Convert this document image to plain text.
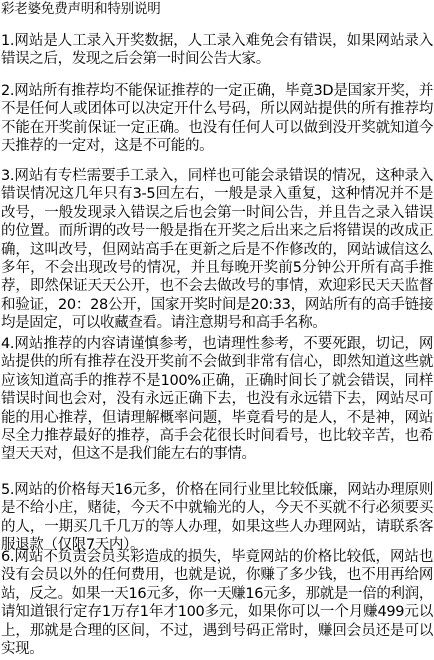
彩老婆免费声明和特别说明

1.网站是人工录入开奖数据，人工录入难免会有错误，如果网站录入错误之后，发现之后会第一时间公告大家。

2.网站所有推荐均不能保证推荐的一定正确，毕竟3D是国家开奖，并不是任何人或团体可以决定开什么号码，所以网站提供的所有推荐均不能在开奖前保证一定正确。也没有任何人可以做到没开奖就知道今天推荐的一定对，这是不可能的。

3.网站有专栏需要手工录入，同样也可能会录错误的情况，这种录入错误情况这几年只有3-5回左右，一般是录入重复，这种情况并不是改号，一般发现录入错误之后也会第一时间公告，并且告之录入错误的位置。而所谓的改号一般是指在开奖之后出来之后将错误的改成正确，这叫改号，但网站高手在更新之后是不作修改的，网站诚信这么多年，不会出现改号的情况，并且每晚开奖前5分钟公开所有高手推荐，即然保证天天公开，也不会去做改号的事情，欢迎彩民天天监督和验证，20：28公开，国家开奖时间是20:33，网站所有的高手链接均是固定，可以收藏查看。请注意期号和高手名称。

4.网站推荐的内容请谨慎参考，也请理性参考，不要死跟，切记，网站提供的所有推荐在没开奖前不会做到非常有信心，即然知道这些就应该知道高手的推荐不是100%正确，正确时间长了就会错误，同样错误时间也会对，没有永远正确下去，也没有永远错下去，网站尽可能的用心推荐，但请理解概率问题，毕竟看号的是人，不是神，网站尽全力推荐最好的推荐，高手会花很长时间看号，也比较辛苦，也希望天天对，但这不是我们能左右的事情。

5.网站的价格每天16元多，价格在同行业里比较低廉，网站办理原则是不给小庄，赌徒，今天不中就输光的人，今天不买就不行必须要买的人，一期买几千几万的等人办理，如果这些人办理网站，请联系客服退款（仅限7天内）。

6.网站不负责会员买彩造成的损失，毕竟网站的价格比较低，网站也没有会员以外的任何费用，也就是说，你赚了多少钱，也不用再给网站，反之。如果一天16元多，你一天赚16元多，那就是一倍的利润，请知道银行定存1万存1年才100多元，如果你可以一个月赚499元以上，那就是合理的区间，不过，遇到号码正常时，赚回会员还是可以实现。
